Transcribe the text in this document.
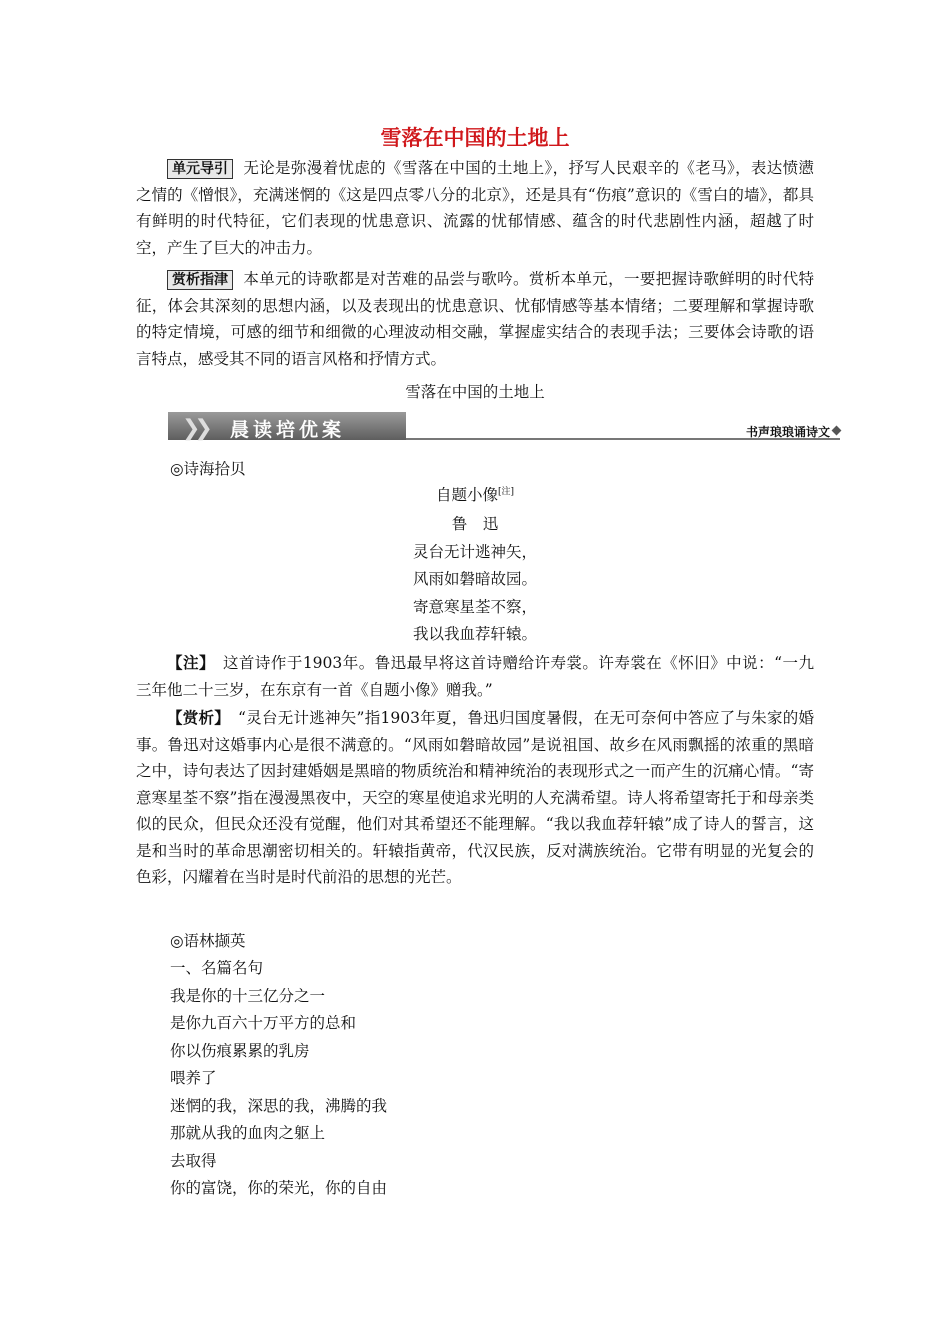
雪落在中国的土地上
单元导引 无论是弥漫着忧虑的《雪落在中国的土地上》，抒写人民艰辛的《老马》，表达愤懑之情的《憎恨》，充满迷惘的《这是四点零八分的北京》，还是具有“伤痕”意识的《雪白的墙》，都具有鲜明的时代特征，它们表现的忧患意识、流露的忧郁情感、蕴含的时代悲剧性内涵，超越了时空，产生了巨大的冲击力。
赏析指津 本单元的诗歌都是对苦难的品尝与歌吟。赏析本单元，一要把握诗歌鲜明的时代特征，体会其深刻的思想内涵，以及表现出的忧患意识、忧郁情感等基本情绪；二要理解和掌握诗歌的特定情境，可感的细节和细微的心理波动相交融，掌握虚实结合的表现手法；三要体会诗歌的语言特点，感受其不同的语言风格和抒情方式。
雪落在中国的土地上
❯❯ 晨读培优案	书声琅琅诵诗文
◎诗海拾贝
自题小像[注]
鲁　迅
灵台无计逃神矢，
风雨如磐暗故园。
寄意寒星荃不察，
我以我血荐轩辕。
【注】 这首诗作于1903年。鲁迅最早将这首诗赠给许寿裳。许寿裳在《怀旧》中说：“一九　三年他二十三岁，在东京有一首《自题小像》赠我。”
【赏析】 “灵台无计逃神矢”指1903年夏，鲁迅归国度暑假，在无可奈何中答应了与朱家的婚事。鲁迅对这婚事内心是很不满意的。“风雨如磐暗故园”是说祖国、故乡在风雨飘摇的浓重的黑暗之中，诗句表达了因封建婚姻是黑暗的物质统治和精神统治的表现形式之一而产生的沉痛心情。“寄意寒星荃不察”指在漫漫黑夜中，天空的寒星使追求光明的人充满希望。诗人将希望寄托于和母亲类似的民众，但民众还没有觉醒，他们对其希望还不能理解。“我以我血荐轩辕”成了诗人的誓言，这是和当时的革命思潮密切相关的。轩辕指黄帝，代汉民族，反对满族统治。它带有明显的光复会的色彩，闪耀着在当时是时代前沿的思想的光芒。
◎语林撷英
一、名篇名句
我是你的十三亿分之一
是你九百六十万平方的总和
你以伤痕累累的乳房
喂养了
迷惘的我，深思的我，沸腾的我
那就从我的血肉之躯上
去取得
你的富饶，你的荣光，你的自由
